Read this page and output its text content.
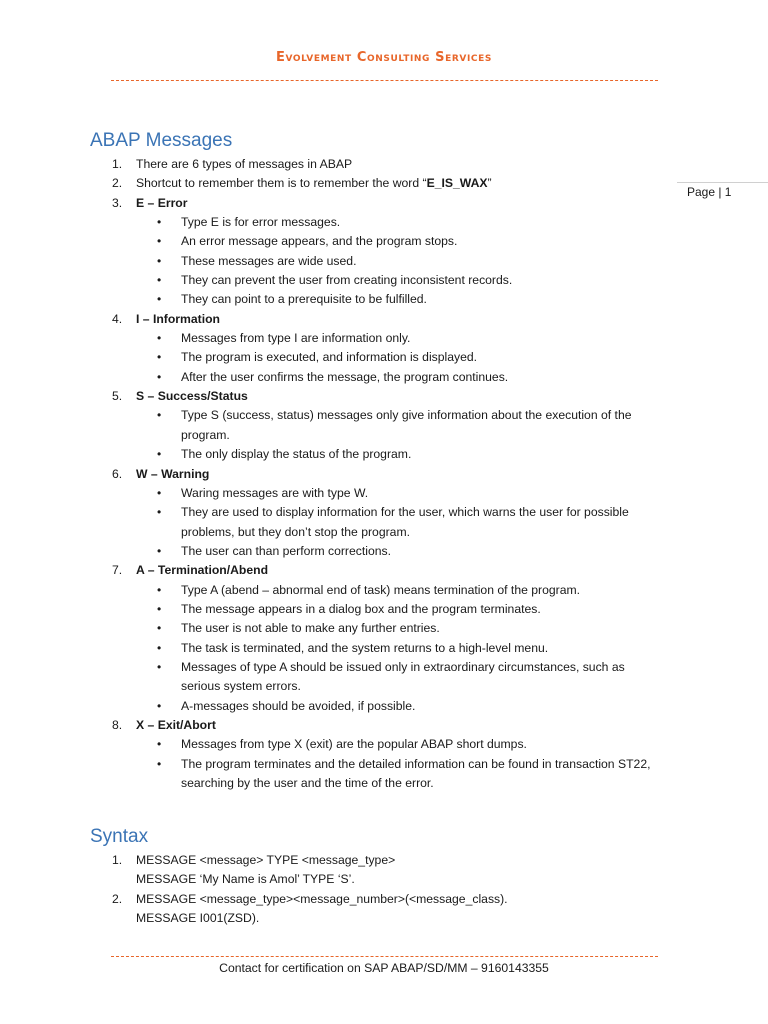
Evolvement Consulting Services
Page | 1
ABAP Messages
1. There are 6 types of messages in ABAP
2. Shortcut to remember them is to remember the word “E_IS_WAX”
3. E – Error
• Type E is for error messages.
• An error message appears, and the program stops.
• These messages are wide used.
• They can prevent the user from creating inconsistent records.
• They can point to a prerequisite to be fulfilled.
4. I – Information
• Messages from type I are information only.
• The program is executed, and information is displayed.
• After the user confirms the message, the program continues.
5. S – Success/Status
• Type S (success, status) messages only give information about the execution of the
program.
• The only display the status of the program.
6. W – Warning
• Waring messages are with type W.
• They are used to display information for the user, which warns the user for possible
problems, but they don’t stop the program.
• The user can than perform corrections.
7. A – Termination/Abend
• Type A (abend – abnormal end of task) means termination of the program.
• The message appears in a dialog box and the program terminates.
• The user is not able to make any further entries.
• The task is terminated, and the system returns to a high-level menu.
• Messages of type A should be issued only in extraordinary circumstances, such as
serious system errors.
• A-messages should be avoided, if possible.
8. X – Exit/Abort
• Messages from type X (exit) are the popular ABAP short dumps.
• The program terminates and the detailed information can be found in transaction ST22,
searching by the user and the time of the error.
Syntax
1. MESSAGE <message> TYPE <message_type>
MESSAGE ‘My Name is Amol’ TYPE ‘S’.
2. MESSAGE <message_type><message_number>(<message_class).
MESSAGE I001(ZSD).
Contact for certification on SAP ABAP/SD/MM – 9160143355
